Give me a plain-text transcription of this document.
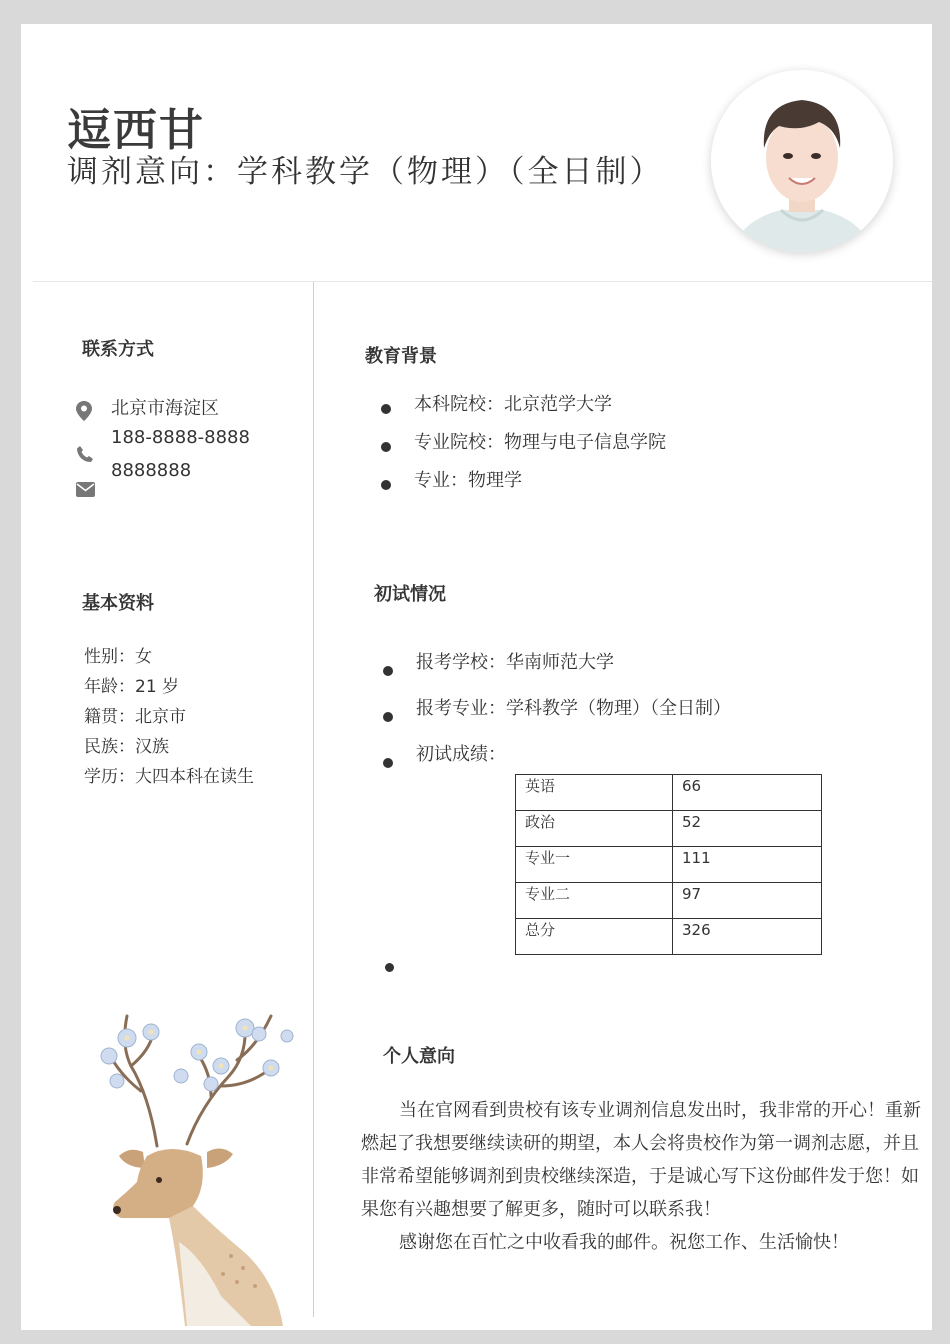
逗西甘
调剂意向：学科教学（物理）（全日制）
联系方式
北京市海淀区
188-8888-8888
8888888
基本资料
性别：女
年龄：21 岁
籍贯：北京市
民族：汉族
学历：大四本科在读生
教育背景
本科院校：北京范学大学
专业院校：物理与电子信息学院
专业：物理学
初试情况
报考学校：华南师范大学
报考专业：学科教学（物理）（全日制）
初试成绩：
英语	66
政治	52
专业一	111
专业二	97
总分	326
个人意向

当在官网看到贵校有该专业调剂信息发出时，我非常的开心！重新燃起了我想要继续读研的期望，本人会将贵校作为第一调剂志愿，并且非常希望能够调剂到贵校继续深造，于是诚心写下这份邮件发于您！如果您有兴趣想要了解更多，随时可以联系我！

感谢您在百忙之中收看我的邮件。祝您工作、生活愉快！
